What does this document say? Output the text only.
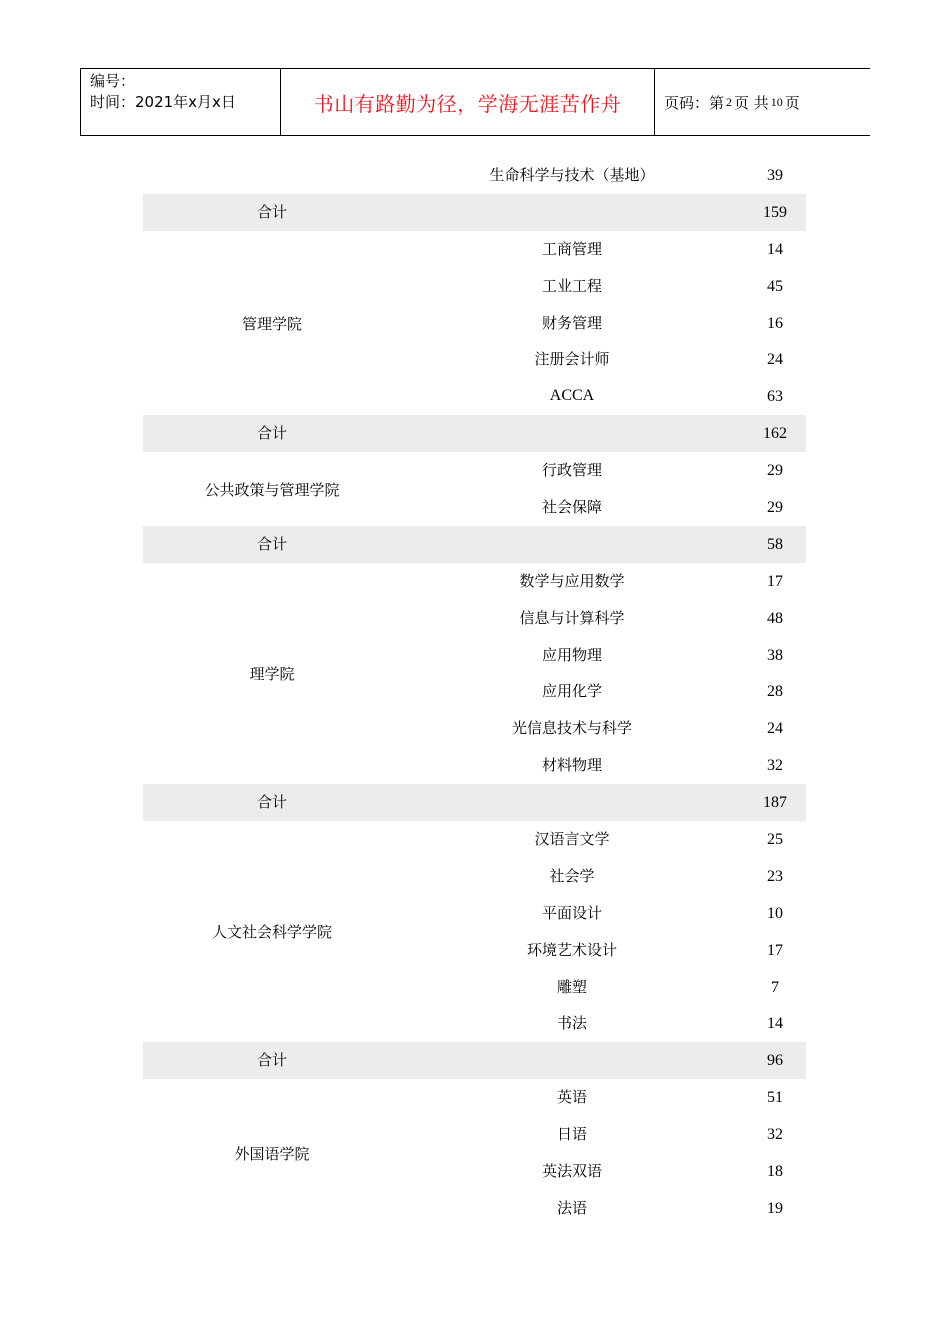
编号：
时间：2021年x月x日	书山有路勤为径，学海无涯苦作舟	页码：第 2 页 共 10 页
生命科学与技术（基地）	39
合计	159
管理学院
工商管理	14
工业工程	45
财务管理	16
注册会计师	24
ACCA	63
合计	162
公共政策与管理学院
行政管理	29
社会保障	29
合计	58
理学院
数学与应用数学	17
信息与计算科学	48
应用物理	38
应用化学	28
光信息技术与科学	24
材料物理	32
合计	187
人文社会科学学院
汉语言文学	25
社会学	23
平面设计	10
环境艺术设计	17
雕塑	7
书法	14
合计	96
外国语学院
英语	51
日语	32
英法双语	18
法语	19
